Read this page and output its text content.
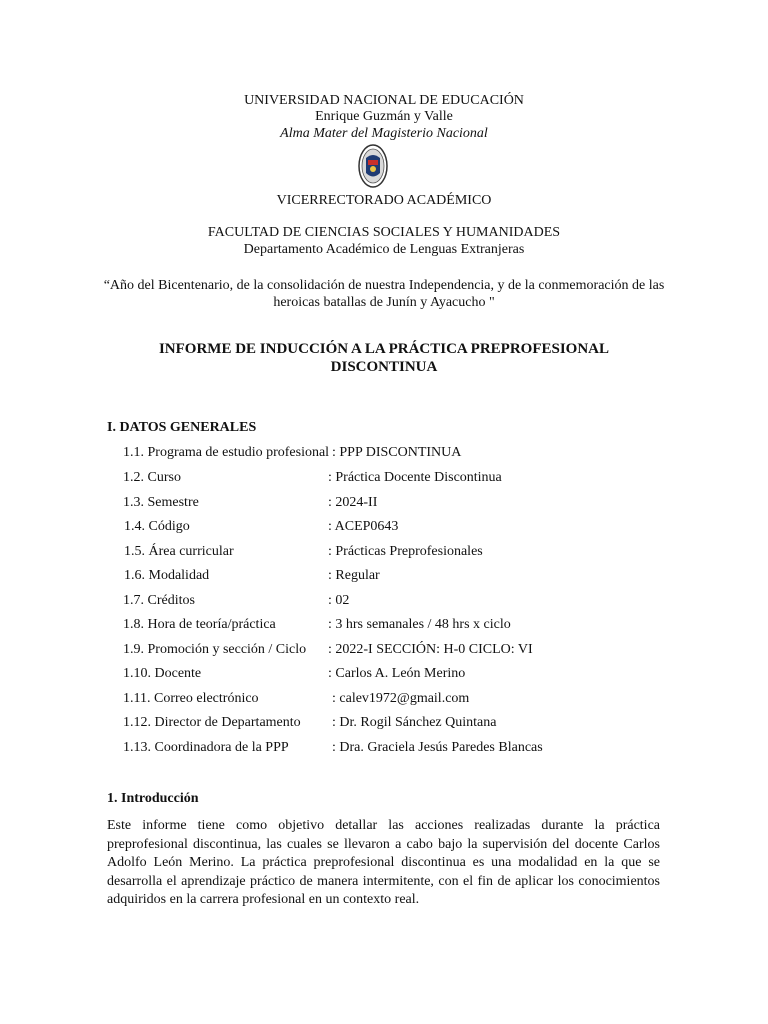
UNIVERSIDAD NACIONAL DE EDUCACIÓN
Enrique Guzmán y Valle
Alma Mater del Magisterio Nacional
VICERRECTORADO ACADÉMICO
FACULTAD DE CIENCIAS SOCIALES Y HUMANIDADES
Departamento Académico de Lenguas Extranjeras
“Año del Bicentenario, de la consolidación de nuestra Independencia, y de la conmemoración de las heroicas batallas de Junín y Ayacucho "
INFORME DE INDUCCIÓN A LA PRÁCTICA PREPROFESIONAL
DISCONTINUA
I. DATOS GENERALES
1.1. Programa de estudio profesional : PPP DISCONTINUA
1.2. Curso	: Práctica Docente Discontinua
1.3. Semestre	: 2024-II
1.4. Código	: ACEP0643
1.5. Área curricular	: Prácticas Preprofesionales
1.6. Modalidad	: Regular
1.7. Créditos	: 02
1.8. Hora de teoría/práctica	: 3 hrs semanales / 48 hrs x ciclo
1.9. Promoción y sección / Ciclo : 2022-I SECCIÓN: H-0 CICLO: VI
1.10. Docente	: Carlos A. León Merino
1.11. Correo electrónico	: calev1972@gmail.com
1.12. Director de Departamento : Dr. Rogil Sánchez Quintana
1.13. Coordinadora de la PPP	: Dra. Graciela Jesús Paredes Blancas
1. Introducción
Este informe tiene como objetivo detallar las acciones realizadas durante la práctica preprofesional discontinua, las cuales se llevaron a cabo bajo la supervisión del docente Carlos Adolfo León Merino. La práctica preprofesional discontinua es una modalidad en la que se desarrolla el aprendizaje práctico de manera intermitente, con el fin de aplicar los conocimientos adquiridos en la carrera profesional en un contexto real.
